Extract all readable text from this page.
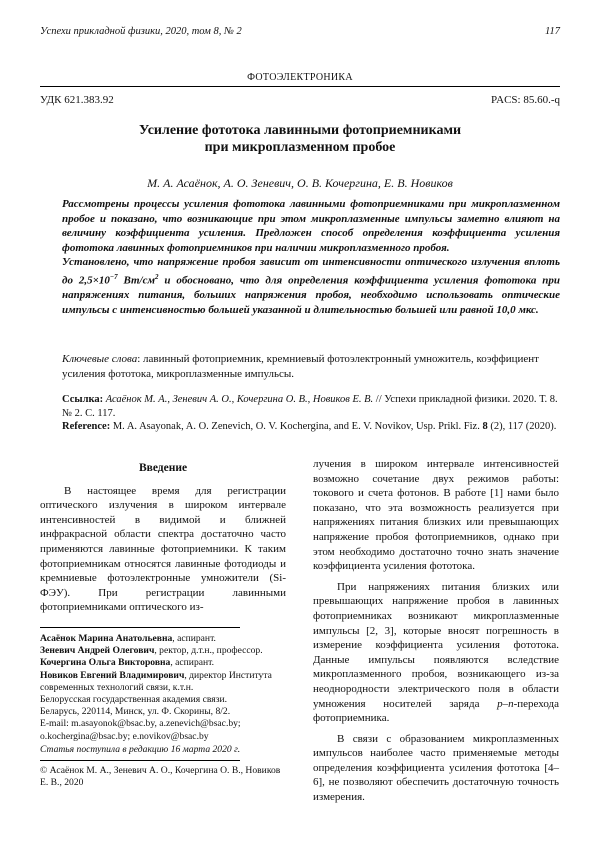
Успехи прикладной физики, 2020, том 8, № 2	117
ФОТОЭЛЕКТРОНИКА
УДК 621.383.92	PACS: 85.60.-q
Усиление фототока лавинными фотоприемниками
при микроплазменном пробое
М. А. Асаёнок, А. О. Зеневич, О. В. Кочергина, Е. В. Новиков

Рассмотрены процессы усиления фототока лавинными фотоприемниками при микроплазменном пробое и показано, что возникающие при этом микроплазменные импульсы заметно влияют на величину коэффициента усиления. Предложен способ определения коэффициента усиления фототока лавинных фотоприемников при наличии микроплазменного пробоя.

Установлено, что напряжение пробоя зависит от интенсивности оптического излучения вплоть до $2,5\times 10^{-7}$ $Вт/см^2$ и обосновано, что для определения коэффициента усиления фототока при напряжениях питания, больших напряжения пробоя, необходимо использовать оптические импульсы с интенсивностью большей указанной и длительностью большей или равной 10,0 мкс.

Ключевые слова: лавинный фотоприемник, кремниевый фотоэлектронный умножитель, коэффициент усиления фототока, микроплазменные импульсы.
Ссылка: Асаёнок М. А., Зеневич А. О., Кочергина О. В., Новиков Е. В. // Успехи прикладной физики. 2020. Т. 8. № 2. С. 117.
Reference: M. A. Asayonak, A. O. Zenevich, O. V. Kochergina, and E. V. Novikov, Usp. Prikl. Fiz. 8 (2), 117 (2020).
Введение

В настоящее время для регистрации оптического излучения в широком интервале интенсивностей в видимой и ближней инфракрасной области спектра достаточно часто применяются лавинные фотоприемники. К таким фотоприемникам относятся лавинные фотодиоды и кремниевые фотоэлектронные умножители (Si-ФЭУ). При регистрации лавинными фотоприемниками оптического из-

лучения в широком интервале интенсивностей возможно сочетание двух режимов работы: токового и счета фотонов. В работе [1] нами было показано, что эта возможность реализуется при напряжениях питания близких или превышающих напряжение пробоя фотоприемников, однако при этом необходимо достаточно точно знать значение коэффициента усиления фототока.

При напряжениях питания близких или превышающих напряжение пробоя в лавинных фотоприемниках возникают микроплазменные импульсы [2, 3], которые вносят погрешность в измерение коэффициента усиления фототока. Данные импульсы появляются вследствие микроплазменного пробоя, возникающего из-за неоднородности электрического поля в области умножения носителей заряда p–n-перехода фотоприемника.

В связи с образованием микроплазменных импульсов наиболее часто применяемые методы определения коэффициента усиления фототока [4–6], не позволяют обеспечить достаточную точность измерения.

Асаёнок Марина Анатольевна, аспирант.
Зеневич Андрей Олегович, ректор, д.т.н., профессор.
Кочергина Ольга Викторовна, аспирант.
Новиков Евгений Владимирович, директор Института современных технологий связи, к.т.н.
Белорусская государственная академия связи.
Беларусь, 220114, Минск, ул. Ф. Скорины, 8/2.
E-mail: m.asayonok@bsac.by, a.zenevich@bsac.by; o.kochergina@bsac.by; e.novikov@bsac.by
Статья поступила в редакцию 16 марта 2020 г.
© Асаёнок М. А., Зеневич А. О., Кочергина О. В., Новиков Е. В., 2020
